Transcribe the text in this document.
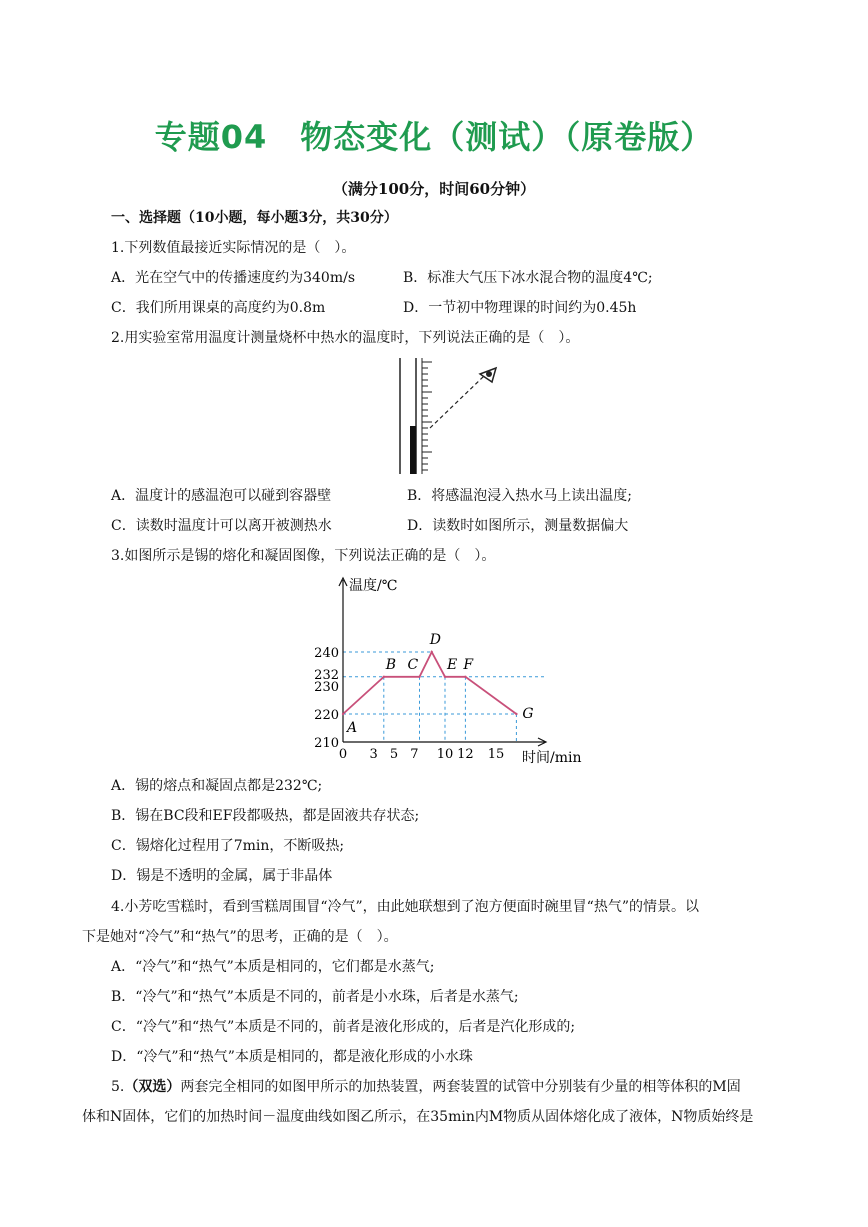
专题04　物态变化（测试）（原卷版）
（满分100分，时间60分钟）
一、选择题（10小题，每小题3分，共30分）
1.下列数值最接近实际情况的是（　）。
A．光在空气中的传播速度约为340m/s	B．标准大气压下冰水混合物的温度4℃;
C．我们所用课桌的高度约为0.8m	D．一节初中物理课的时间约为0.45h
2.用实验室常用温度计测量烧杯中热水的温度时，下列说法正确的是（　）。
A．温度计的感温泡可以碰到容器壁	B．将感温泡浸入热水马上读出温度;
C．读数时温度计可以离开被测热水	D．读数时如图所示，测量数据偏大
3.如图所示是锡的熔化和凝固图像，下列说法正确的是（　）。
温度/℃
时间/min
210
220
230
232
240
0 3 5 7 10 12 15
A
B C
D
E F
G
A．锡的熔点和凝固点都是232℃;
B．锡在BC段和EF段都吸热，都是固液共存状态;
C．锡熔化过程用了7min，不断吸热;
D．锡是不透明的金属，属于非晶体
4.小芳吃雪糕时，看到雪糕周围冒“冷气”，由此她联想到了泡方便面时碗里冒“热气”的情景。以
下是她对“冷气”和“热气”的思考，正确的是（　）。
A．“冷气”和“热气”本质是相同的，它们都是水蒸气;
B．“冷气”和“热气”本质是不同的，前者是小水珠，后者是水蒸气;
C．“冷气”和“热气”本质是不同的，前者是液化形成的，后者是汽化形成的;
D．“冷气”和“热气”本质是相同的，都是液化形成的小水珠
5.（双选）两套完全相同的如图甲所示的加热装置，两套装置的试管中分别装有少量的相等体积的M固
体和N固体，它们的加热时间－温度曲线如图乙所示，在35min内M物质从固体熔化成了液体，N物质始终是
